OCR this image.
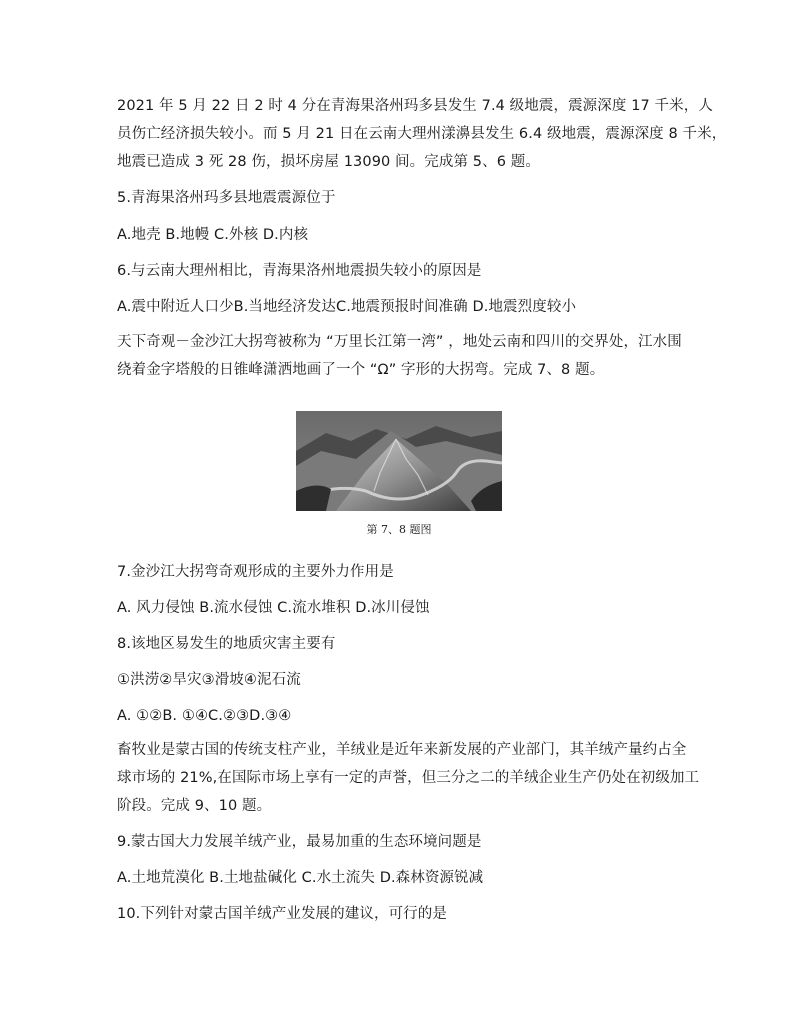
2021 年 5 月 22 日 2 时 4 分在青海果洛州玛多县发生 7.4 级地震，震源深度 17 千米，人
员伤亡经济损失较小。而 5 月 21 日在云南大理州漾濞县发生 6.4 级地震，震源深度 8 千米，
地震已造成 3 死 28 伤，损坏房屋 13090 间。完成第 5、6 题。
5.青海果洛州玛多县地震震源位于
A.地壳 B.地幔 C.外核 D.内核
6.与云南大理州相比，青海果洛州地震损失较小的原因是
A.震中附近人口少B.当地经济发达C.地震预报时间准确 D.地震烈度较小
天下奇观－金沙江大拐弯被称为 “万里长江第一湾” ，地处云南和四川的交界处，江水围
绕着金字塔般的日锥峰潇洒地画了一个 “Ω” 字形的大拐弯。完成 7、8 题。
第 7、8 题图
7.金沙江大拐弯奇观形成的主要外力作用是
A. 风力侵蚀 B.流水侵蚀 C.流水堆积 D.冰川侵蚀
8.该地区易发生的地质灾害主要有
①洪涝②旱灾③滑坡④泥石流
A. ①②B. ①④C.②③D.③④
畜牧业是蒙古国的传统支柱产业，羊绒业是近年来新发展的产业部门，其羊绒产量约占全
球市场的 21%,在国际市场上享有一定的声誉，但三分之二的羊绒企业生产仍处在初级加工
阶段。完成 9、10 题。
9.蒙古国大力发展羊绒产业，最易加重的生态环境问题是
A.土地荒漠化 B.土地盐碱化 C.水土流失 D.森林资源锐减
10.下列针对蒙古国羊绒产业发展的建议，可行的是
